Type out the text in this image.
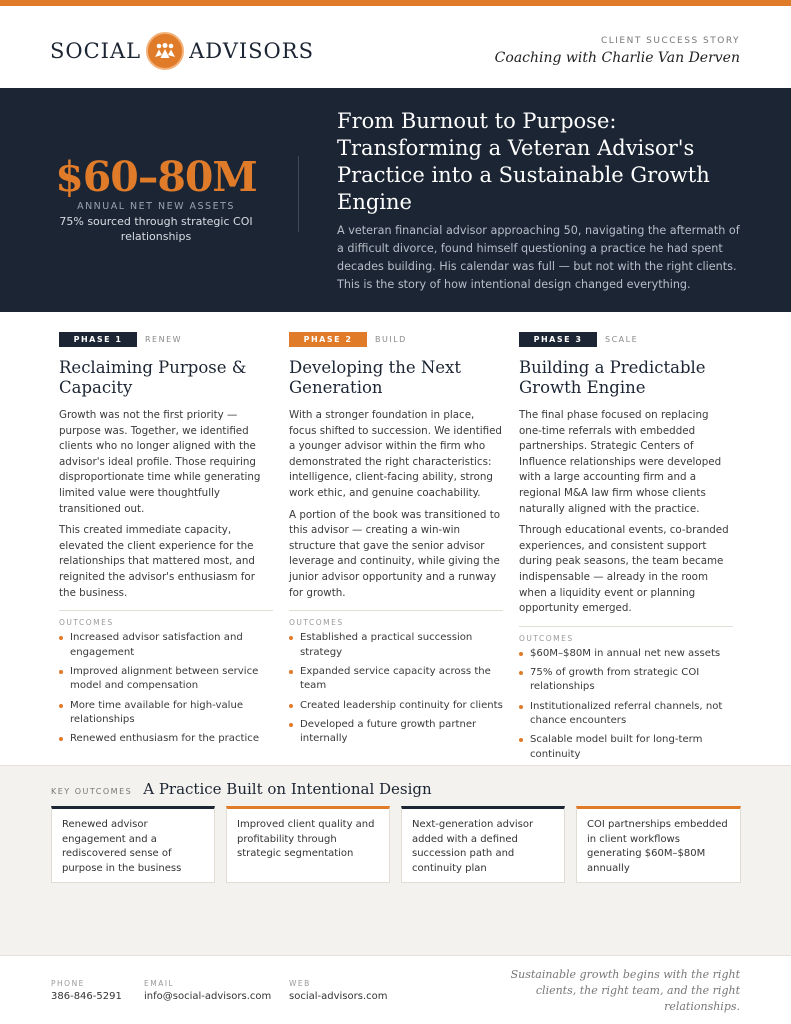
SOCIAL ADVISORS	CLIENT SUCCESS STORY
Coaching with Charlie Van Derven
$60–80M
ANNUAL NET NEW ASSETS
75% sourced through strategic COI relationships
From Burnout to Purpose: Transforming a Veteran Advisor's Practice into a Sustainable Growth Engine

A veteran financial advisor approaching 50, navigating the aftermath of a difficult divorce, found himself questioning a practice he had spent decades building. His calendar was full — but not with the right clients. This is the story of how intentional design changed everything.

PHASE 1	RENEW
Reclaiming Purpose & Capacity

Growth was not the first priority — purpose was. Together, we identified clients who no longer aligned with the advisor's ideal profile. Those requiring disproportionate time while generating limited value were thoughtfully transitioned out.

This created immediate capacity, elevated the client experience for the relationships that mattered most, and reignited the advisor's enthusiasm for the business.

OUTCOMES
Increased advisor satisfaction and engagement
Improved alignment between service model and compensation
More time available for high-value relationships
Renewed enthusiasm for the practice
PHASE 2	BUILD
Developing the Next Generation

With a stronger foundation in place, focus shifted to succession. We identified a younger advisor within the firm who demonstrated the right characteristics: intelligence, client-facing ability, strong work ethic, and genuine coachability.

A portion of the book was transitioned to this advisor — creating a win-win structure that gave the senior advisor leverage and continuity, while giving the junior advisor opportunity and a runway for growth.

OUTCOMES
Established a practical succession strategy
Expanded service capacity across the team
Created leadership continuity for clients
Developed a future growth partner internally
PHASE 3	SCALE
Building a Predictable Growth Engine

The final phase focused on replacing one-time referrals with embedded partnerships. Strategic Centers of Influence relationships were developed with a large accounting firm and a regional M&A law firm whose clients naturally aligned with the practice.

Through educational events, co-branded experiences, and consistent support during peak seasons, the team became indispensable — already in the room when a liquidity event or planning opportunity emerged.

OUTCOMES
$60M–$80M in annual net new assets
75% of growth from strategic COI relationships
Institutionalized referral channels, not chance encounters
Scalable model built for long-term continuity
KEY OUTCOMES A Practice Built on Intentional Design
Renewed advisor engagement and a rediscovered sense of purpose in the business
Improved client quality and profitability through strategic segmentation
Next-generation advisor added with a defined succession path and continuity plan
COI partnerships embedded in client workflows generating $60M–$80M annually
PHONE
386-846-5291
EMAIL
info@social-advisors.com
WEB
social-advisors.com
Sustainable growth begins with the right clients, the right team, and the right relationships.
